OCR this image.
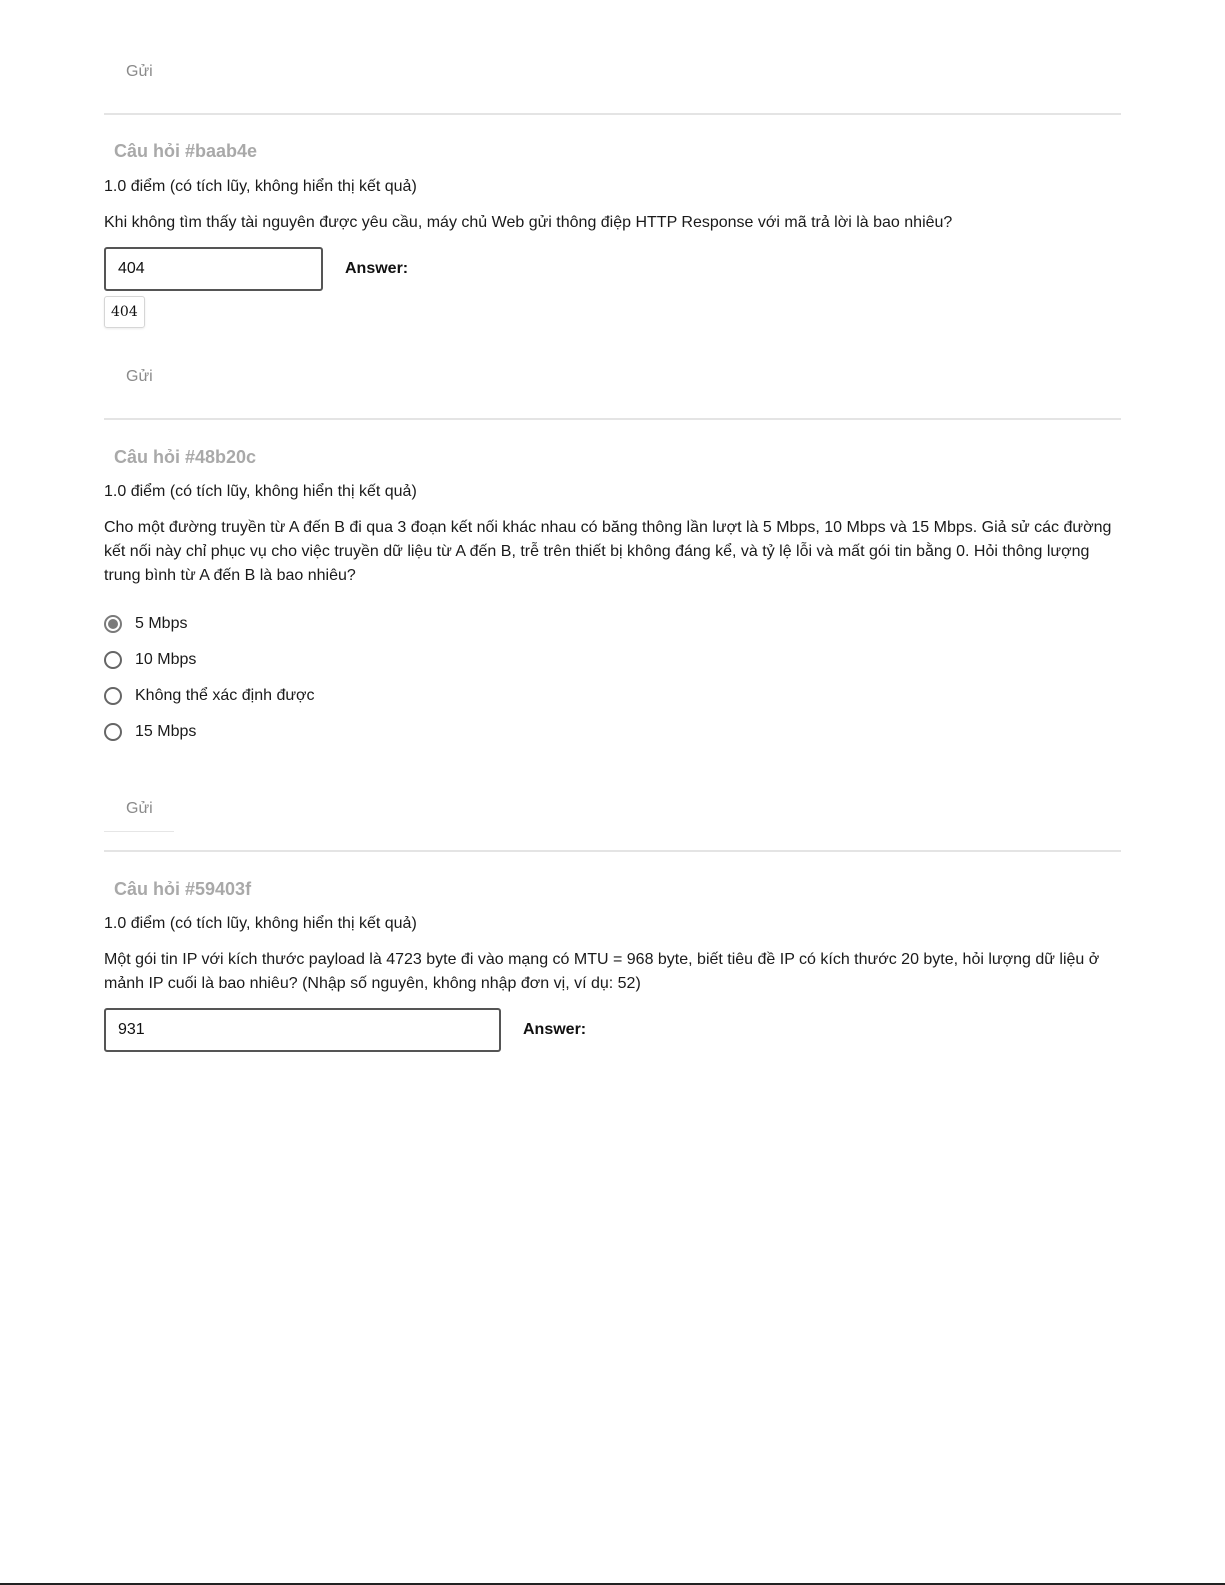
Gửi
Câu hỏi #baab4e
1.0 điểm (có tích lũy, không hiển thị kết quả)
Khi không tìm thấy tài nguyên được yêu cầu, máy chủ Web gửi thông điệp HTTP Response với mã trả lời là bao nhiêu?
404
Answer:
404
Gửi
Câu hỏi #48b20c
1.0 điểm (có tích lũy, không hiển thị kết quả)
Cho một đường truyền từ A đến B đi qua 3 đoạn kết nối khác nhau có băng thông lần lượt là 5 Mbps, 10 Mbps và 15 Mbps. Giả sử các đường kết nối này chỉ phục vụ cho việc truyền dữ liệu từ A đến B, trễ trên thiết bị không đáng kể, và tỷ lệ lỗi và mất gói tin bằng 0. Hỏi thông lượng trung bình từ A đến B là bao nhiêu?
5 Mbps
10 Mbps
Không thể xác định được
15 Mbps
Gửi
Câu hỏi #59403f
1.0 điểm (có tích lũy, không hiển thị kết quả)
Một gói tin IP với kích thước payload là 4723 byte đi vào mạng có MTU = 968 byte, biết tiêu đề IP có kích thước 20 byte, hỏi lượng dữ liệu ở mảnh IP cuối là bao nhiêu? (Nhập số nguyên, không nhập đơn vị, ví dụ: 52)
931
Answer:
